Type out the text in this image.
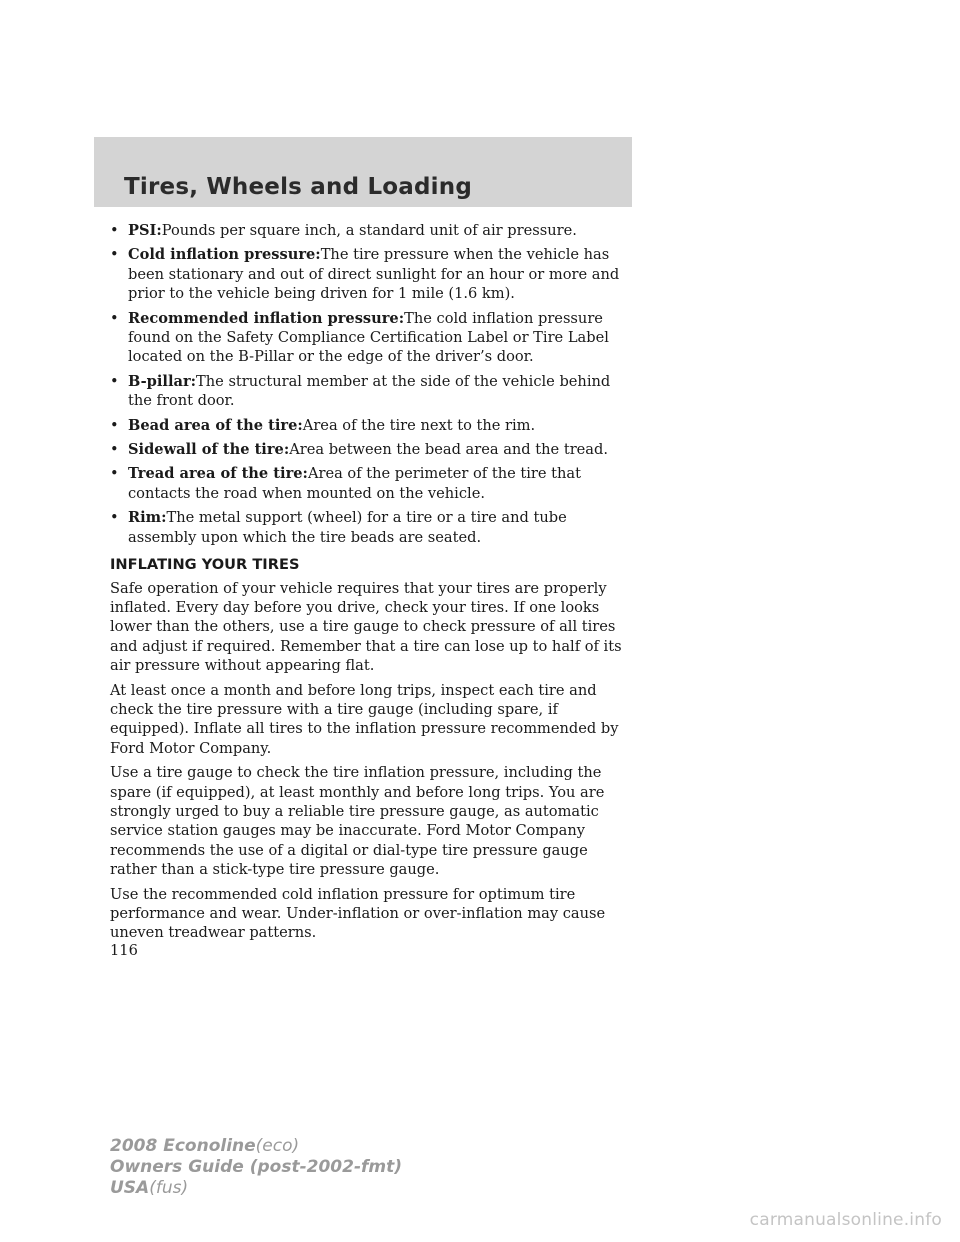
Tires, Wheels and Loading
• PSI:Pounds per square inch, a standard unit of air pressure.
• Cold inflation pressure:The tire pressure when the vehicle has been stationary and out of direct sunlight for an hour or more and prior to the vehicle being driven for 1 mile (1.6 km).
• Recommended inflation pressure:The cold inflation pressure found on the Safety Compliance Certification Label or Tire Label located on the B-Pillar or the edge of the driver’s door.
• B-pillar:The structural member at the side of the vehicle behind the front door.
• Bead area of the tire:Area of the tire next to the rim.
• Sidewall of the tire:Area between the bead area and the tread.
• Tread area of the tire:Area of the perimeter of the tire that contacts the road when mounted on the vehicle.
• Rim:The metal support (wheel) for a tire or a tire and tube assembly upon which the tire beads are seated.
INFLATING YOUR TIRES

Safe operation of your vehicle requires that your tires are properly inflated. Every day before you drive, check your tires. If one looks lower than the others, use a tire gauge to check pressure of all tires and adjust if required. Remember that a tire can lose up to half of its air pressure without appearing flat.

At least once a month and before long trips, inspect each tire and check the tire pressure with a tire gauge (including spare, if equipped). Inflate all tires to the inflation pressure recommended by Ford Motor Company.

Use a tire gauge to check the tire inflation pressure, including the spare (if equipped), at least monthly and before long trips. You are strongly urged to buy a reliable tire pressure gauge, as automatic service station gauges may be inaccurate. Ford Motor Company recommends the use of a digital or dial-type tire pressure gauge rather than a stick-type tire pressure gauge.

Use the recommended cold inflation pressure for optimum tire performance and wear. Under-inflation or over-inflation may cause uneven treadwear patterns.

116
2008 Econoline(eco)
Owners Guide (post-2002-fmt)
USA(fus)
carmanualsonline.info
